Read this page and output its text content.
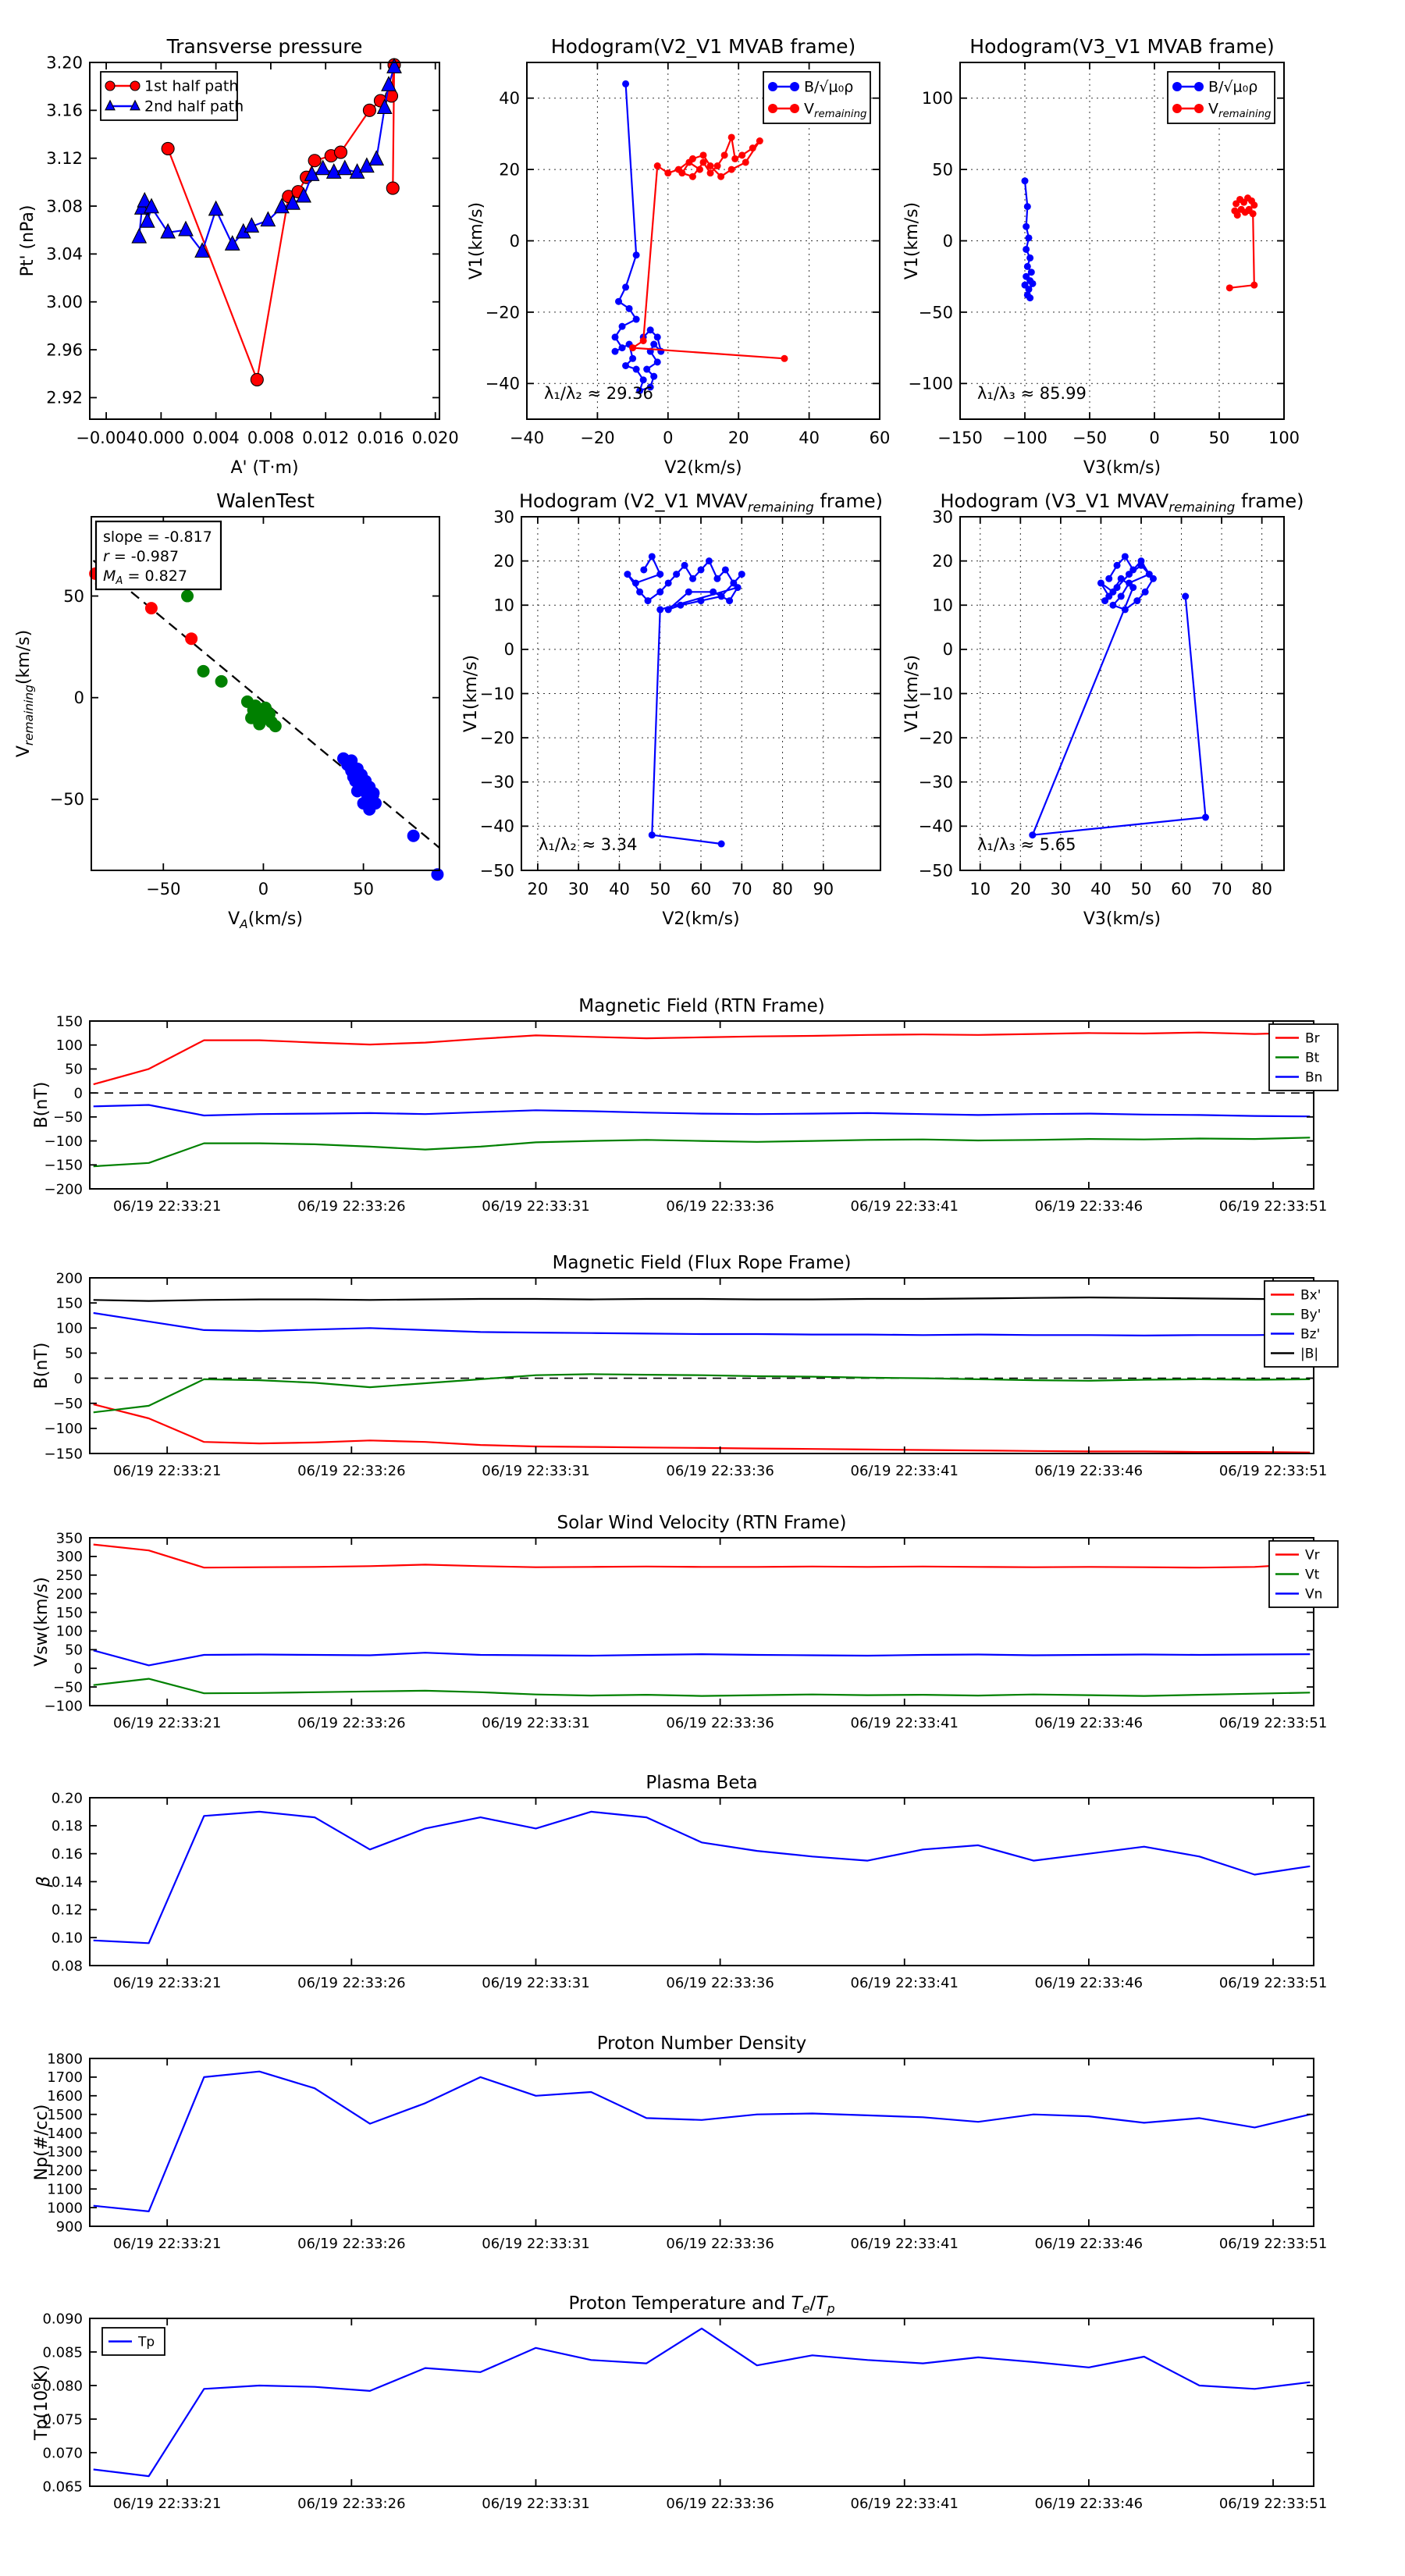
−0.004 0.000 0.004 0.008 0.012 0.016 0.020
2.92
2.96
3.00
3.04
3.08
3.12
3.16
3.20
Transverse pressure
A' (T·m)
Pt' (nPa)
1st half path
2nd half path
−40 −20	0	20	40	60
−40
−20
0
20
40
Hodogram(V2_V1 MVAB frame)
V2(km/s)
V1(km/s)
λ₁/λ₂ ≈ 29.36
B/√μ₀ρ
$V_{remaining}$
−150 −100 −50	0	50 100
−100
−50
0
50
100
Hodogram(V3_V1 MVAB frame)
V3(km/s)
V1(km/s)
λ₁/λ₃ ≈ 85.99
B/√μ₀ρ
$V_{remaining}$
−50	0	50
−50
0
50
WalenTest
$V_A(km/s)$
$V_{remaining}(km/s)$
slope = -0.817
r = -0.987
$M_A = 0.827$
20 30 40 50 60 70 80 90
−50
−40
−30
−20
−10
0
10
20
30
Hodogram (V2_V1 $MVAV_{remaining}$ frame)
V2(km/s)
V1(km/s)
λ₁/λ₂ ≈ 3.34
10 20 30 40 50 60 70 80
−50
−40
−30
−20
−10
0
10
20
30
Hodogram (V3_V1 $MVAV_{remaining}$ frame)
V3(km/s)
V1(km/s)
λ₁/λ₃ ≈ 5.65
06/19 22:33:21	06/19 22:33:26	06/19 22:33:31	06/19 22:33:36	06/19 22:33:41	06/19 22:33:46	06/19 22:33:51
−200
−150
−100
−50
0
50
100
150
Magnetic Field (RTN Frame)
B(nT)
Br
Bt
Bn
06/19 22:33:21	06/19 22:33:26	06/19 22:33:31	06/19 22:33:36	06/19 22:33:41	06/19 22:33:46	06/19 22:33:51
−150
−100
−50
0
50
100
150
200
Magnetic Field (Flux Rope Frame)
B(nT)
Bx'
By'
Bz'
|B|
06/19 22:33:21	06/19 22:33:26	06/19 22:33:31	06/19 22:33:36	06/19 22:33:41	06/19 22:33:46	06/19 22:33:51
−100
−50
0
50
100
150
200
250
300
350
Solar Wind Velocity (RTN Frame)
Vsw(km/s)
Vr
Vt
Vn
06/19 22:33:21	06/19 22:33:26	06/19 22:33:31	06/19 22:33:36	06/19 22:33:41	06/19 22:33:46	06/19 22:33:51
0.08
0.10
0.12
0.14
0.16
0.18
0.20
Plasma Beta
β
06/19 22:33:21	06/19 22:33:26	06/19 22:33:31	06/19 22:33:36	06/19 22:33:41	06/19 22:33:46	06/19 22:33:51
900
1000
1100
1200
1300
1400
1500
1600
1700
1800
Proton Number Density
Np(#/cc)
06/19 22:33:21	06/19 22:33:26	06/19 22:33:31	06/19 22:33:36	06/19 22:33:41	06/19 22:33:46	06/19 22:33:51
0.065
0.070
0.075
0.080
0.085
0.090
Proton Temperature and $T_e/T_p$
$Tp(10^6K)$
Tp
